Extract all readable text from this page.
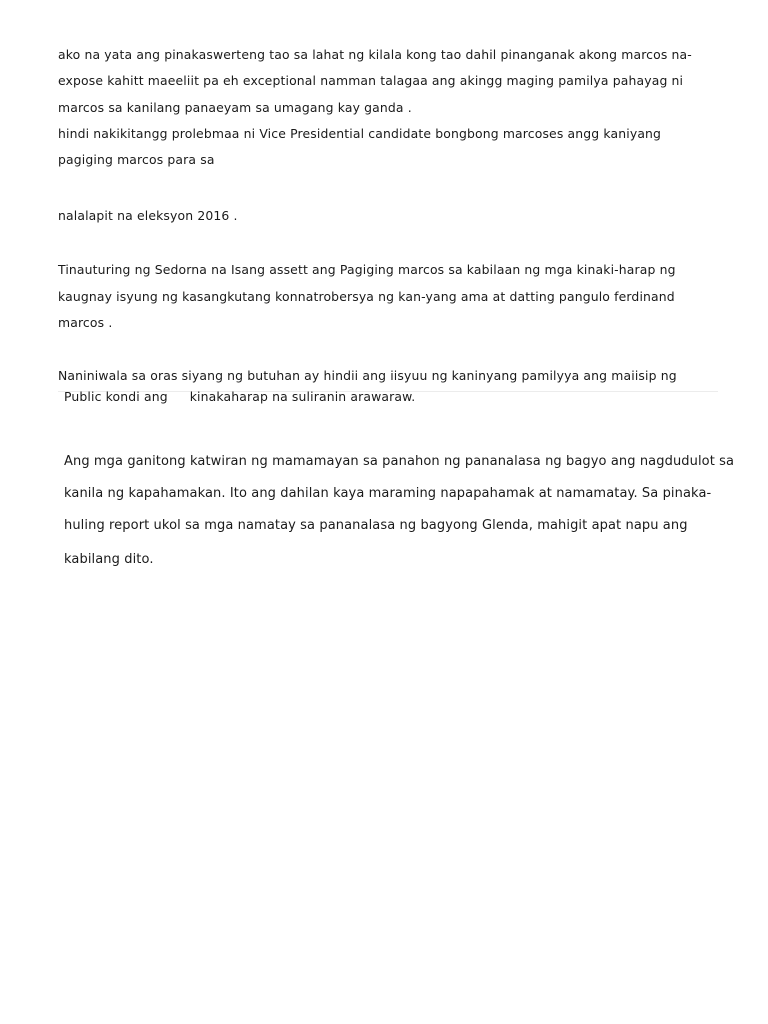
ako na yata ang pinakaswerteng tao sa lahat ng kilala kong tao dahil pinanganak akong marcos na-
expose kahitt maeeliit pa eh exceptional namman talagaa ang akingg maging pamilya pahayag ni
marcos sa kanilang panaeyam sa umagang kay ganda .
hindi nakikitangg prolebmaa ni Vice Presidential candidate bongbong marcoses angg kaniyang
pagiging marcos para sa
nalalapit na eleksyon 2016 .
Tinauturing ng Sedorna na Isang assett ang Pagiging marcos sa kabilaan ng mga kinaki-harap ng
kaugnay isyung ng kasangkutang konnatrobersya ng kan-yang ama at datting pangulo ferdinand
marcos .
Naniniwala sa oras siyang ng butuhan ay hindii ang iisyuu ng kaninyang pamilyya ang maiisip ng
Public kondi ang kinakaharap na suliranin arawaraw.
Ang mga ganitong katwiran ng mamamayan sa panahon ng pananalasa ng bagyo ang nagdudulot sa
kanila ng kapahamakan. Ito ang dahilan kaya maraming napapahamak at namamatay. Sa pinaka-
huling report ukol sa mga namatay sa pananalasa ng bagyong Glenda, mahigit apat napu ang
kabilang dito.
